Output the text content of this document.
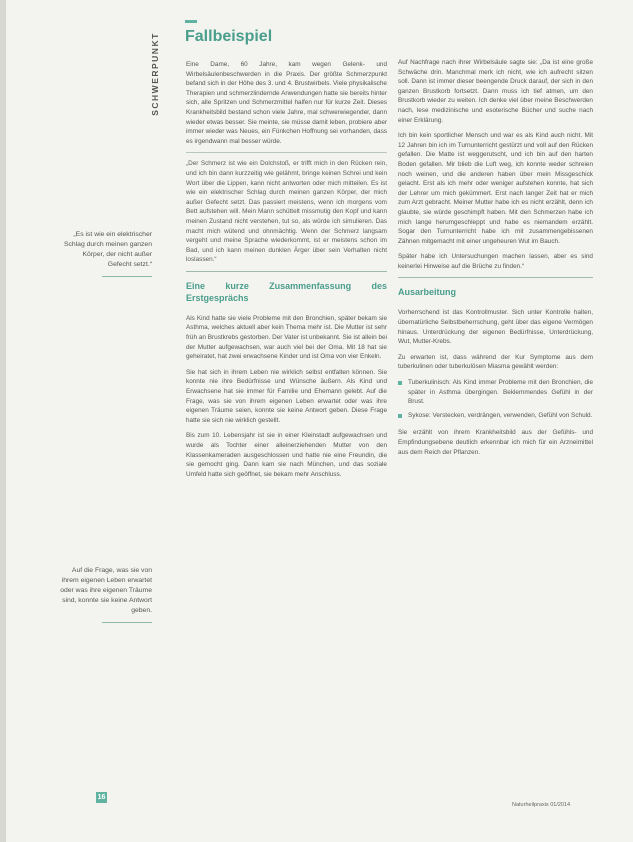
SCHWERPUNKT Fallbeispiel
„Es ist wie ein elektrischer Schlag durch meinen ganzen Körper, der nicht außer Gefecht setzt.“
Auf die Frage, was sie von ihrem eigenen Leben erwartet oder was ihre eigenen Träume sind, konnte sie keine Antwort geben.

Eine Dame, 60 Jahre, kam wegen Gelenk- und Wirbelsäulenbeschwerden in die Praxis. Der größte Schmerzpunkt befand sich in der Höhe des 3. und 4. Brustwirbels. Viele physikalische Therapien und schmerzlindernde Anwendungen hatte sie bereits hinter sich, alle Spritzen und Schmerzmittel halfen nur für kurze Zeit. Dieses Krankheitsbild bestand schon viele Jahre, mal schwerwiegender, dann wieder etwas besser. Sie meinte, sie müsse damit leben, probiere aber immer wieder was Neues, ein Fünkchen Hoffnung sei vorhanden, dass es irgendwann mal besser würde.

„Der Schmerz ist wie ein Dolchstoß, er trifft mich in den Rücken rein, und ich bin dann kurzzeitig wie gelähmt, bringe keinen Schrei und kein Wort über die Lippen, kann nicht antworten oder mich mitteilen. Es ist wie ein elektrischer Schlag durch meinen ganzen Körper, der mich außer Gefecht setzt. Das passiert meistens, wenn ich morgens vom Bett aufstehen will. Mein Mann schüttelt missmutig den Kopf und kann meinen Zustand nicht verstehen, tut so, als würde ich simulieren. Das macht mich wütend und ohnmächtig. Wenn der Schmerz langsam vergeht und meine Sprache wiederkommt, ist er meistens schon im Bad, und ich kann meinen dunklen Ärger über sein Verhalten nicht loslassen.“

Eine kurze Zusammenfassung des Erstgesprächs

Als Kind hatte sie viele Probleme mit den Bronchien, später bekam sie Asthma, welches aktuell aber kein Thema mehr ist. Die Mutter ist sehr früh an Brustkrebs gestorben. Der Vater ist unbekannt. Sie ist allein bei der Mutter aufgewachsen, war auch viel bei der Oma. Mit 18 hat sie geheiratet, hat zwei erwachsene Kinder und ist Oma von vier Enkeln.

Sie hat sich in ihrem Leben nie wirklich selbst entfalten können. Sie konnte nie ihre Bedürfnisse und Wünsche äußern. Als Kind und Erwachsene hat sie immer für Familie und Ehemann gelebt. Auf die Frage, was sie von ihrem eigenen Leben erwartet oder was ihre eigenen Träume seien, konnte sie keine Antwort geben. Diese Frage hatte sie sich nie wirklich gestellt.

Bis zum 10. Lebensjahr ist sie in einer Kleinstadt aufgewachsen und wurde als Tochter einer alleinerziehenden Mutter von den Klassenkameraden ausgeschlossen und hatte nie eine Freundin, die sie gemocht ging. Dann kam sie nach München, und das soziale Umfeld hatte sich geöffnet, sie bekam mehr Anschluss.

Auf Nachfrage nach ihrer Wirbelsäule sagte sie: „Da ist eine große Schwäche drin. Manchmal merk ich nicht, wie ich aufrecht sitzen soll. Dann ist immer dieser beengende Druck darauf, der sich in den ganzen Brustkorb fortsetzt. Dann muss ich tief atmen, um den Brustkorb wieder zu weiten. Ich denke viel über meine Beschwerden nach, lese medizinische und esoterische Bücher und suche nach einer Erklärung.

Ich bin kein sportlicher Mensch und war es als Kind auch nicht. Mit 12 Jahren bin ich im Turnunterricht gestürzt und voll auf den Rücken gefallen. Die Matte ist weggerutscht, und ich bin auf den harten Boden gefallen. Mir blieb die Luft weg, ich konnte weder schreien noch weinen, und die anderen haben über mein Missgeschick gelacht. Erst als ich mehr oder weniger aufstehen konnte, hat sich der Lehrer um mich gekümmert. Erst nach langer Zeit hat er mich zum Arzt gebracht. Meiner Mutter habe ich es nicht erzählt, denn ich glaubte, sie würde geschimpft haben. Mit den Schmerzen habe ich mich lange herumgeschleppt und habe es niemandem erzählt. Sogar den Turnunterricht habe ich mit zusammengebissenen Zähnen mitgemacht mit einer ungeheuren Wut im Bauch.

Später habe ich Untersuchungen machen lassen, aber es sind keinerlei Hinweise auf die Brüche zu finden.“

Ausarbeitung

Vorherrschend ist das Kontrollmuster. Sich unter Kontrolle halten, übernatürliche Selbstbeherrschung, geht über das eigene Vermögen hinaus. Unterdrückung der eigenen Bedürfnisse, Unterdrückung, Wut, Mutter-Krebs.

Zu erwarten ist, dass während der Kur Symptome aus dem tuberkulinen oder tuberkulösen Miasma gewählt werden:

Tuberkulinisch: Als Kind immer Probleme mit den Bronchien, die später in Asthma übergingen. Beklemmendes Gefühl in der Brust.
Sykose: Verstecken, verdrängen, verwenden, Gefühl von Schuld.

Sie erzählt von ihrem Krankheitsbild aus der Gefühls- und Empfindungsebene deutlich erkennbar ich mich für ein Arzneimittel aus dem Reich der Pflanzen.

16
Naturheilpraxis 01/2014
